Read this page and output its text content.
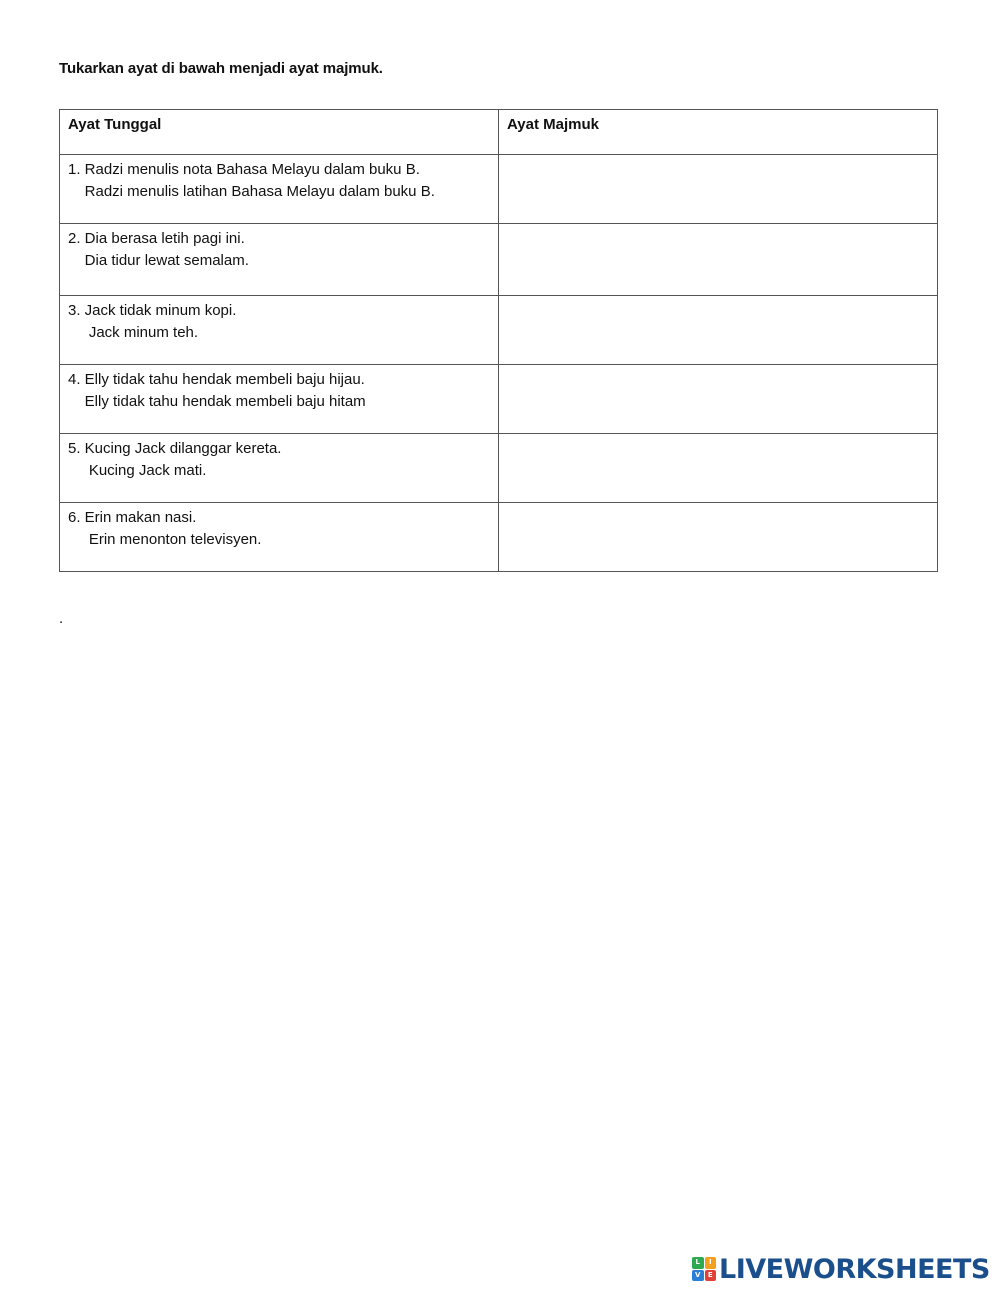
Tukarkan ayat di bawah menjadi ayat majmuk.
Ayat Tunggal	Ayat Majmuk

1. Radzi menulis nota Bahasa Melayu dalam buku B.
Radzi menulis latihan Bahasa Melayu dalam buku B.	

2. Dia berasa letih pagi ini.
Dia tidur lewat semalam.	

3. Jack tidak minum kopi.
Jack minum teh.	

4. Elly tidak tahu hendak membeli baju hijau.
Elly tidak tahu hendak membeli baju hitam	

5. Kucing Jack dilanggar kereta.
Kucing Jack mati.	

6. Erin makan nasi.
Erin menonton televisyen.	

.
L	I
V	E LIVEWORKSHEETS
